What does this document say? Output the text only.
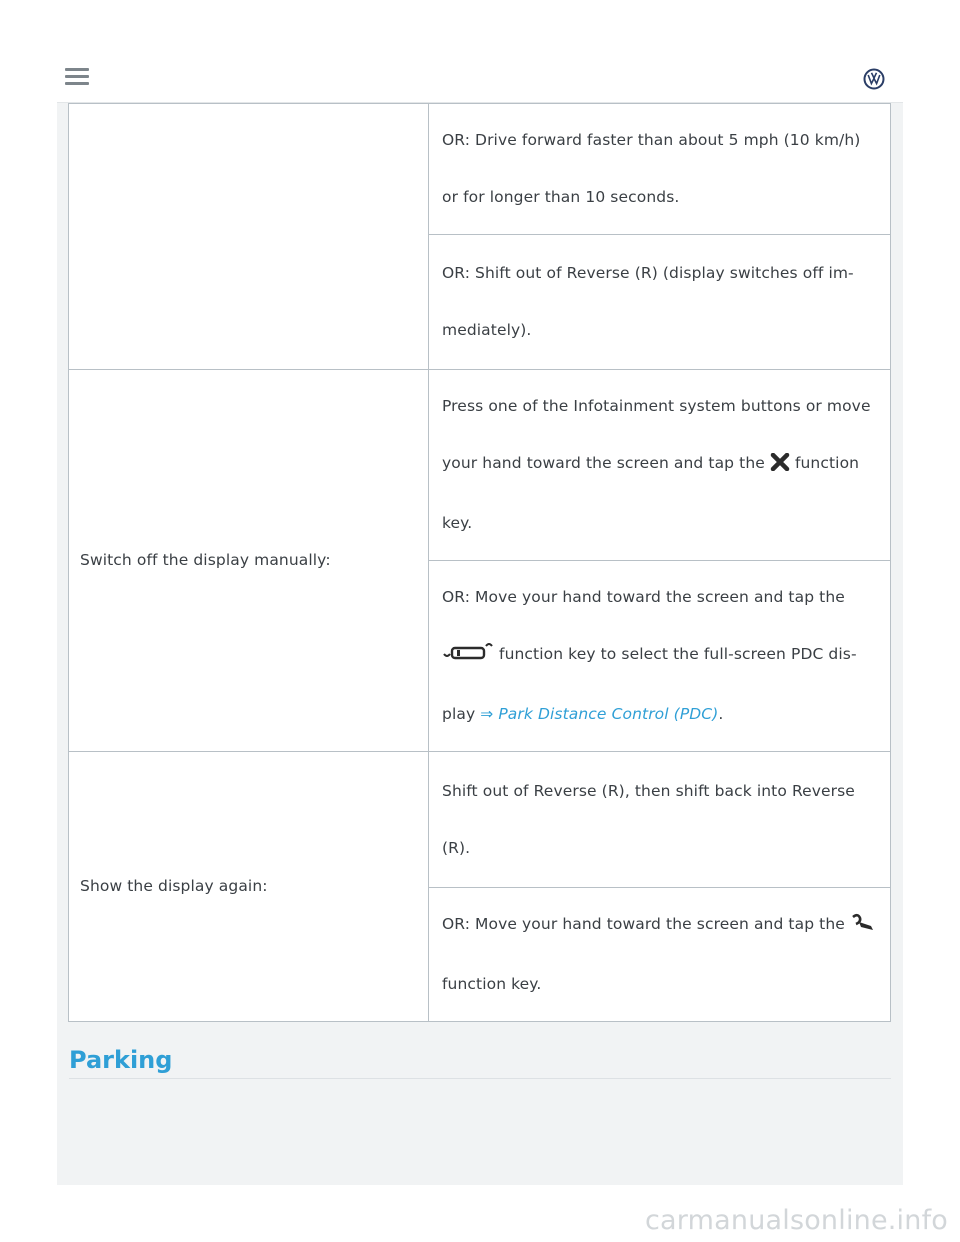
	OR: Drive forward faster than about 5 mph (10 km/h) or for longer than 10 seconds.
	OR: Shift out of Reverse (R) (display switches off im-mediately).
Switch off the display manually:	Press one of the Infotainment system buttons or move your hand toward the screen and tap the function key.
	OR: Move your hand toward the screen and tap the  function key to select the full-screen PDC dis-play ⇒ Park Distance Control (PDC).
Show the display again:	Shift out of Reverse (R), then shift back into Reverse (R).
	OR: Move your hand toward the screen and tap the  function key.
Parking
carmanualsonline.info
